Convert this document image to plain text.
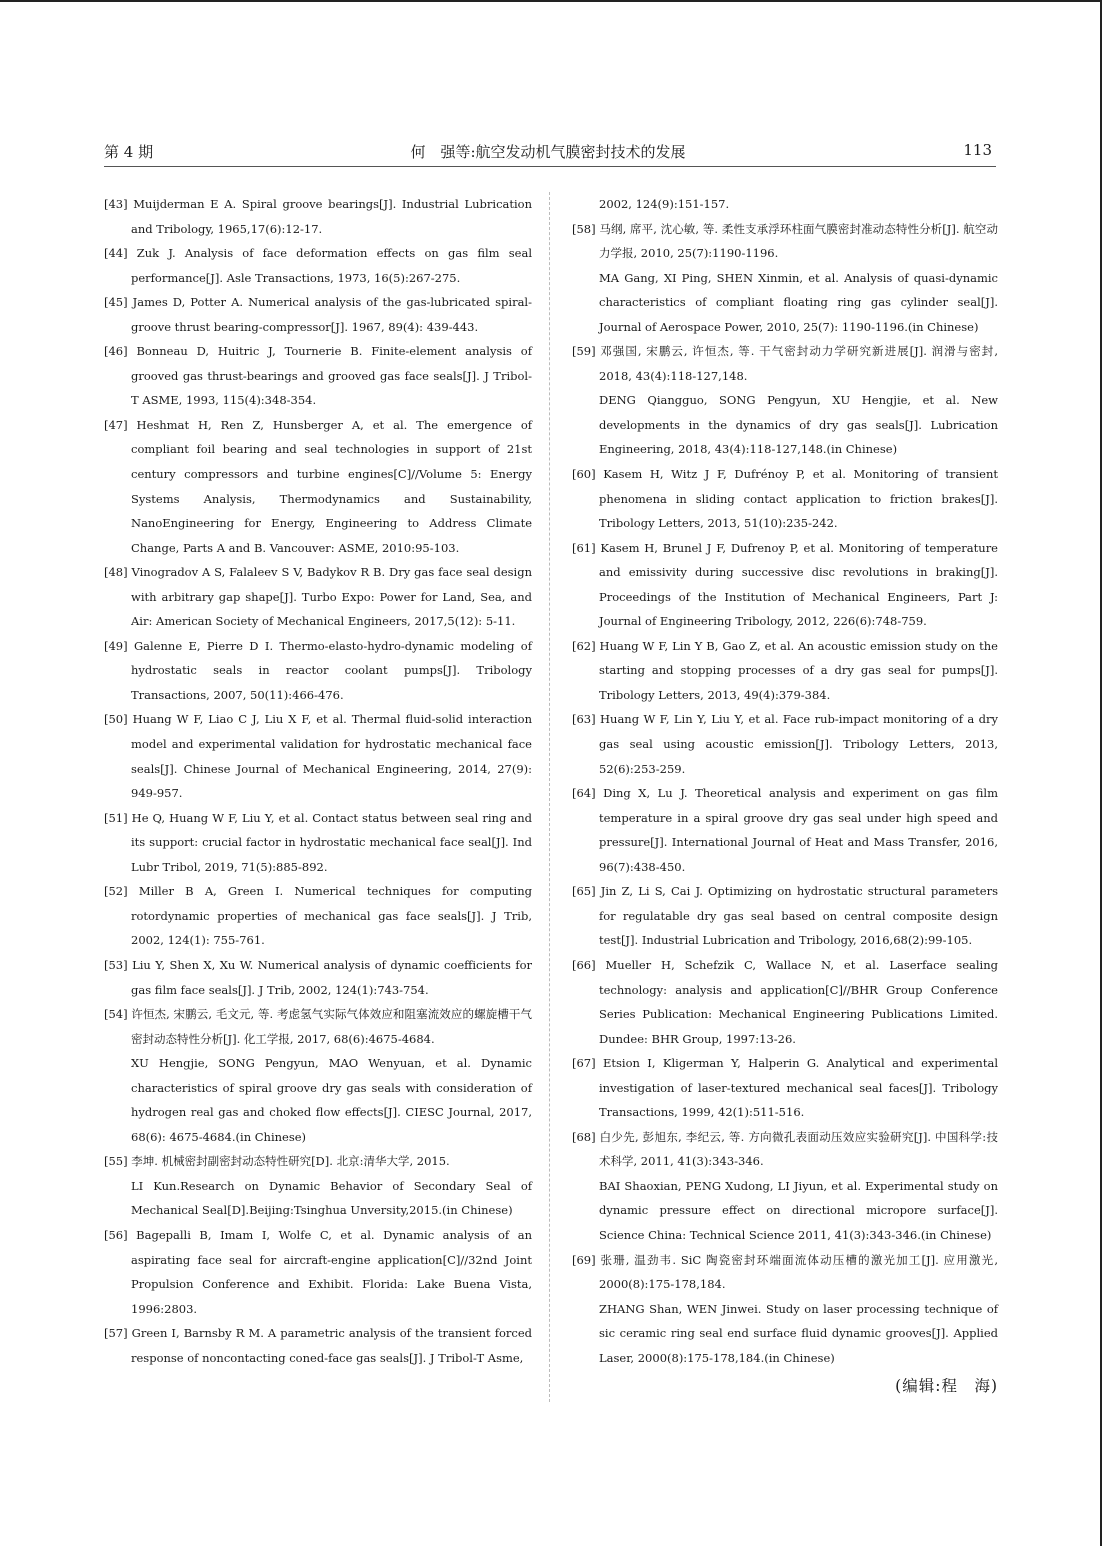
第 4 期	何　强等:航空发动机气膜密封技术的发展	113

[43] Muijderman E A. Spiral groove bearings[J]. Industrial Lubrication and Tribology, 1965,17(6):12-17.

[44] Zuk J. Analysis of face deformation effects on gas film seal performance[J]. Asle Transactions, 1973, 16(5):267-275.

[45] James D, Potter A. Numerical analysis of the gas-lubricated spiral-groove thrust bearing-compressor[J]. 1967, 89(4): 439-443.

[46] Bonneau D, Huitric J, Tournerie B. Finite-element analysis of grooved gas thrust-bearings and grooved gas face seals[J]. J Tribol-T ASME, 1993, 115(4):348-354.

[47] Heshmat H, Ren Z, Hunsberger A, et al. The emergence of compliant foil bearing and seal technologies in support of 21st century compressors and turbine engines[C]//Volume 5: Energy Systems Analysis, Thermodynamics and Sustainability, NanoEngineering for Energy, Engineering to Address Climate Change, Parts A and B. Vancouver: ASME, 2010:95-103.

[48] Vinogradov A S, Falaleev S V, Badykov R B. Dry gas face seal design with arbitrary gap shape[J]. Turbo Expo: Power for Land, Sea, and Air: American Society of Mechanical Engineers, 2017,5(12): 5-11.

[49] Galenne E, Pierre D I. Thermo-elasto-hydro-dynamic modeling of hydrostatic seals in reactor coolant pumps[J]. Tribology Transactions, 2007, 50(11):466-476.

[50] Huang W F, Liao C J, Liu X F, et al. Thermal fluid-solid interaction model and experimental validation for hydrostatic mechanical face seals[J]. Chinese Journal of Mechanical Engineering, 2014, 27(9): 949-957.

[51] He Q, Huang W F, Liu Y, et al. Contact status between seal ring and its support: crucial factor in hydrostatic mechanical face seal[J]. Ind Lubr Tribol, 2019, 71(5):885-892.

[52] Miller B A, Green I. Numerical techniques for computing rotordynamic properties of mechanical gas face seals[J]. J Trib, 2002, 124(1): 755-761.

[53] Liu Y, Shen X, Xu W. Numerical analysis of dynamic coefficients for gas film face seals[J]. J Trib, 2002, 124(1):743-754.

[54] 许恒杰, 宋鹏云, 毛文元, 等. 考虑氢气实际气体效应和阻塞流效应的螺旋槽干气密封动态特性分析[J]. 化工学报, 2017, 68(6):4675-4684.

XU Hengjie, SONG Pengyun, MAO Wenyuan, et al. Dynamic characteristics of spiral groove dry gas seals with consideration of hydrogen real gas and choked flow effects[J]. CIESC Journal, 2017, 68(6): 4675-4684.(in Chinese)

[55] 李坤. 机械密封副密封动态特性研究[D]. 北京:清华大学, 2015.

LI Kun.Research on Dynamic Behavior of Secondary Seal of Mechanical Seal[D].Beijing:Tsinghua Unversity,2015.(in Chinese)

[56] Bagepalli B, Imam I, Wolfe C, et al. Dynamic analysis of an aspirating face seal for aircraft-engine application[C]//32nd Joint Propulsion Conference and Exhibit. Florida: Lake Buena Vista, 1996:2803.

[57] Green I, Barnsby R M. A parametric analysis of the transient forced response of noncontacting coned-face gas seals[J]. J Tribol-T Asme,

2002, 124(9):151-157.

[58] 马纲, 席平, 沈心敏, 等. 柔性支承浮环柱面气膜密封准动态特性分析[J]. 航空动力学报, 2010, 25(7):1190-1196.

MA Gang, XI Ping, SHEN Xinmin, et al. Analysis of quasi-dynamic characteristics of compliant floating ring gas cylinder seal[J]. Journal of Aerospace Power, 2010, 25(7): 1190-1196.(in Chinese)

[59] 邓强国, 宋鹏云, 许恒杰, 等. 干气密封动力学研究新进展[J]. 润滑与密封, 2018, 43(4):118-127,148.

DENG Qiangguo, SONG Pengyun, XU Hengjie, et al. New developments in the dynamics of dry gas seals[J]. Lubrication Engineering, 2018, 43(4):118-127,148.(in Chinese)

[60] Kasem H, Witz J F, Dufrénoy P, et al. Monitoring of transient phenomena in sliding contact application to friction brakes[J]. Tribology Letters, 2013, 51(10):235-242.

[61] Kasem H, Brunel J F, Dufrenoy P, et al. Monitoring of temperature and emissivity during successive disc revolutions in braking[J]. Proceedings of the Institution of Mechanical Engineers, Part J: Journal of Engineering Tribology, 2012, 226(6):748-759.

[62] Huang W F, Lin Y B, Gao Z, et al. An acoustic emission study on the starting and stopping processes of a dry gas seal for pumps[J]. Tribology Letters, 2013, 49(4):379-384.

[63] Huang W F, Lin Y, Liu Y, et al. Face rub-impact monitoring of a dry gas seal using acoustic emission[J]. Tribology Letters, 2013, 52(6):253-259.

[64] Ding X, Lu J. Theoretical analysis and experiment on gas film temperature in a spiral groove dry gas seal under high speed and pressure[J]. International Journal of Heat and Mass Transfer, 2016, 96(7):438-450.

[65] Jin Z, Li S, Cai J. Optimizing on hydrostatic structural parameters for regulatable dry gas seal based on central composite design test[J]. Industrial Lubrication and Tribology, 2016,68(2):99-105.

[66] Mueller H, Schefzik C, Wallace N, et al. Laserface sealing technology: analysis and application[C]//BHR Group Conference Series Publication: Mechanical Engineering Publications Limited. Dundee: BHR Group, 1997:13-26.

[67] Etsion I, Kligerman Y, Halperin G. Analytical and experimental investigation of laser-textured mechanical seal faces[J]. Tribology Transactions, 1999, 42(1):511-516.

[68] 白少先, 彭旭东, 李纪云, 等. 方向微孔表面动压效应实验研究[J]. 中国科学:技术科学, 2011, 41(3):343-346.

BAI Shaoxian, PENG Xudong, LI Jiyun, et al. Experimental study on dynamic pressure effect on directional micropore surface[J]. Science China: Technical Science 2011, 41(3):343-346.(in Chinese)

[69] 张珊, 温劲韦. SiC 陶瓷密封环端面流体动压槽的激光加工[J]. 应用激光, 2000(8):175-178,184.

ZHANG Shan, WEN Jinwei. Study on laser processing technique of sic ceramic ring seal end surface fluid dynamic grooves[J]. Applied Laser, 2000(8):175-178,184.(in Chinese)

(编辑:程　海)
